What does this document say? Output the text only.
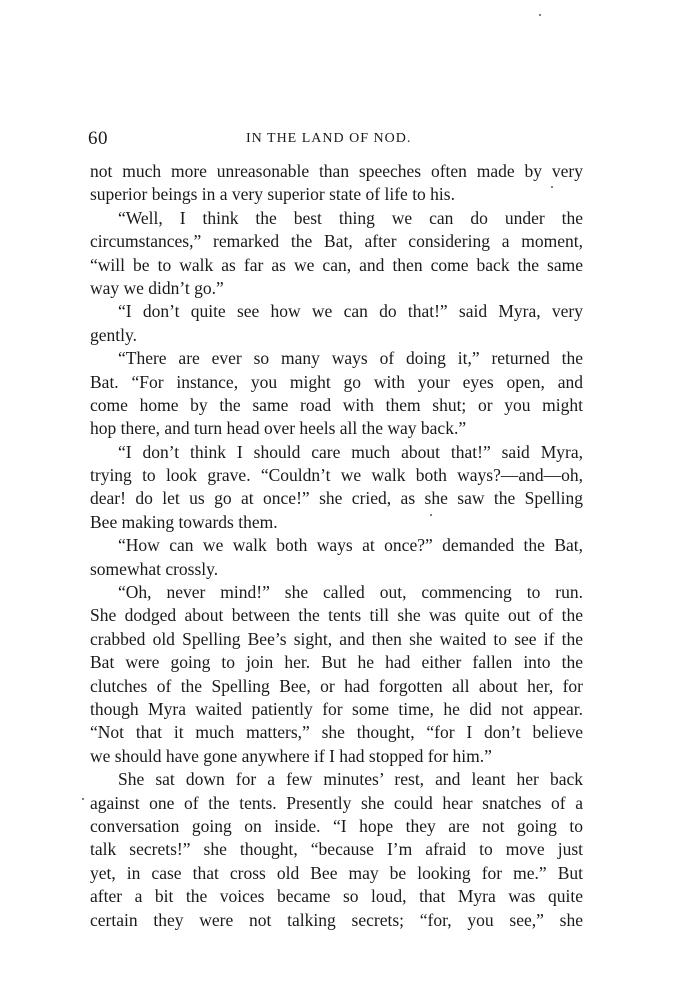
60	IN THE LAND OF NOD.
not much more unreasonable than speeches often made by very
superior beings in a very superior state of life to his.
“Well, I think the best thing we can do under the
circumstances,” remarked the Bat, after considering a moment,
“will be to walk as far as we can, and then come back the same
way we didn’t go.”
“I don’t quite see how we can do that!” said Myra, very
gently.
“There are ever so many ways of doing it,” returned the
Bat. “For instance, you might go with your eyes open, and
come home by the same road with them shut; or you might
hop there, and turn head over heels all the way back.”
“I don’t think I should care much about that!” said Myra,
trying to look grave. “Couldn’t we walk both ways?—and—oh,
dear! do let us go at once!” she cried, as she saw the Spelling
Bee making towards them.
“How can we walk both ways at once?” demanded the Bat,
somewhat crossly.
“Oh, never mind!” she called out, commencing to run.
She dodged about between the tents till she was quite out of the
crabbed old Spelling Bee’s sight, and then she waited to see if the
Bat were going to join her. But he had either fallen into the
clutches of the Spelling Bee, or had forgotten all about her, for
though Myra waited patiently for some time, he did not appear.
“Not that it much matters,” she thought, “for I don’t believe
we should have gone anywhere if I had stopped for him.”
She sat down for a few minutes’ rest, and leant her back
against one of the tents. Presently she could hear snatches of a
conversation going on inside. “I hope they are not going to
talk secrets!” she thought, “because I’m afraid to move just
yet, in case that cross old Bee may be looking for me.” But
after a bit the voices became so loud, that Myra was quite
certain they were not talking secrets; “for, you see,” she
